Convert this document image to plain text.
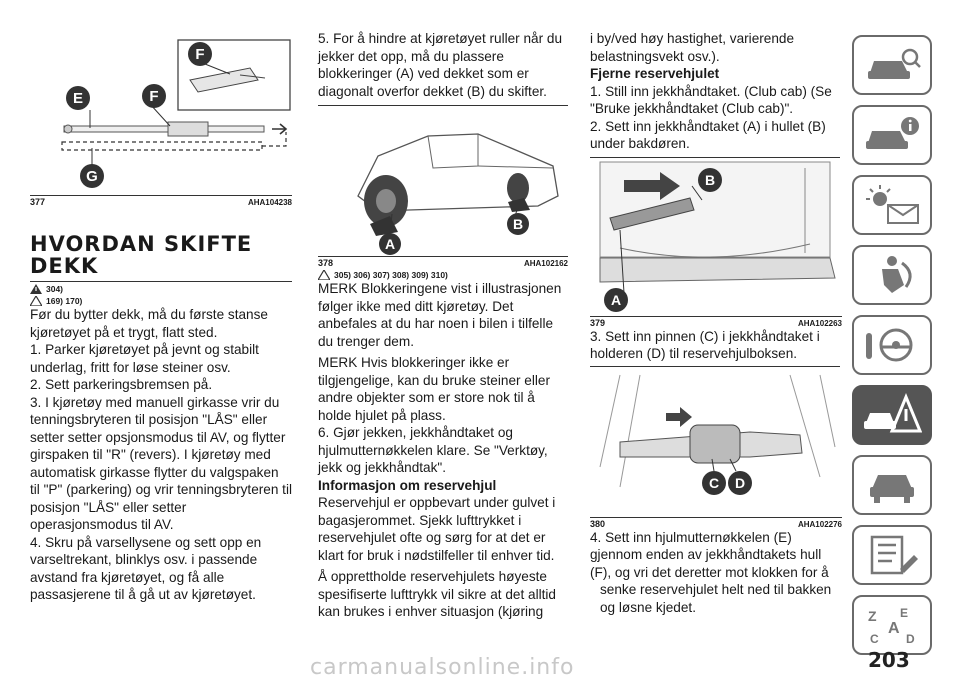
F
E	F
G
377	AHA104238
HVORDAN SKIFTE DEKK
304)
169) 170)

Før du bytter dekk, må du første stanse kjøretøyet på et trygt, flatt sted.

1. Parker kjøretøyet på jevnt og stabilt underlag, fritt for løse steiner osv.

2. Sett parkeringsbremsen på.

3. I kjøretøy med manuell girkasse vrir du tenningsbryteren til posisjon "LÅS" eller setter setter opsjonsmodus til AV, og flytter girspaken til "R" (revers). I kjøretøy med automatisk girkasse flytter du valgspaken til "P" (parkering) og vrir tenningsbryteren til posisjon "LÅS" eller setter operasjonsmodus til AV.

4. Skru på varsellysene og sett opp en varseltrekant, blinklys osv. i passende avstand fra kjøretøyet, og få alle passasjerene til å gå ut av kjøretøyet.

5. For å hindre at kjøretøyet ruller når du jekker det opp, må du plassere blokkeringer (A) ved dekket som er diagonalt overfor dekket (B) du skifter.

A
B
378	AHA102162
305) 306) 307) 308) 309) 310)

MERK Blokkeringene vist i illustrasjonen følger ikke med ditt kjøretøy. Det anbefales at du har noen i bilen i tilfelle du trenger dem.

MERK Hvis blokkeringer ikke er tilgjengelige, kan du bruke steiner eller andre objekter som er store nok til å holde hjulet på plass.

6. Gjør jekken, jekkhåndtaket og hjulmutternøkkelen klare. Se "Verktøy, jekk og jekkhåndtak".

Informasjon om reservehjul

Reservehjul er oppbevart under gulvet i bagasjerommet. Sjekk lufttrykket i reservehjulet ofte og sørg for at det er klart for bruk i nødstilfeller til enhver tid.

Å opprettholde reservehjulets høyeste spesifiserte lufttrykk vil sikre at det alltid kan brukes i enhver situasjon (kjøring

i by/ved høy hastighet, varierende belastningsvekt osv.).

Fjerne reservehjulet

1. Still inn jekkhåndtaket. (Club cab) (Se "Bruke jekkhåndtaket (Club cab)".

2. Sett inn jekkhåndtaket (A) i hullet (B) under bakdøren.

B
A
379	AHA102263

3. Sett inn pinnen (C) i jekkhåndtaket i holderen (D) til reservehjulboksen.

C D
380	AHA102276

4. Sett inn hjulmutternøkkelen (E) gjennom enden av jekkhåndtakets hull (F), og vri det deretter mot klokken for å

senke reservehjulet helt ned til bakken og løsne kjedet.

Z E
A
C D
203
carmanualsonline.info
